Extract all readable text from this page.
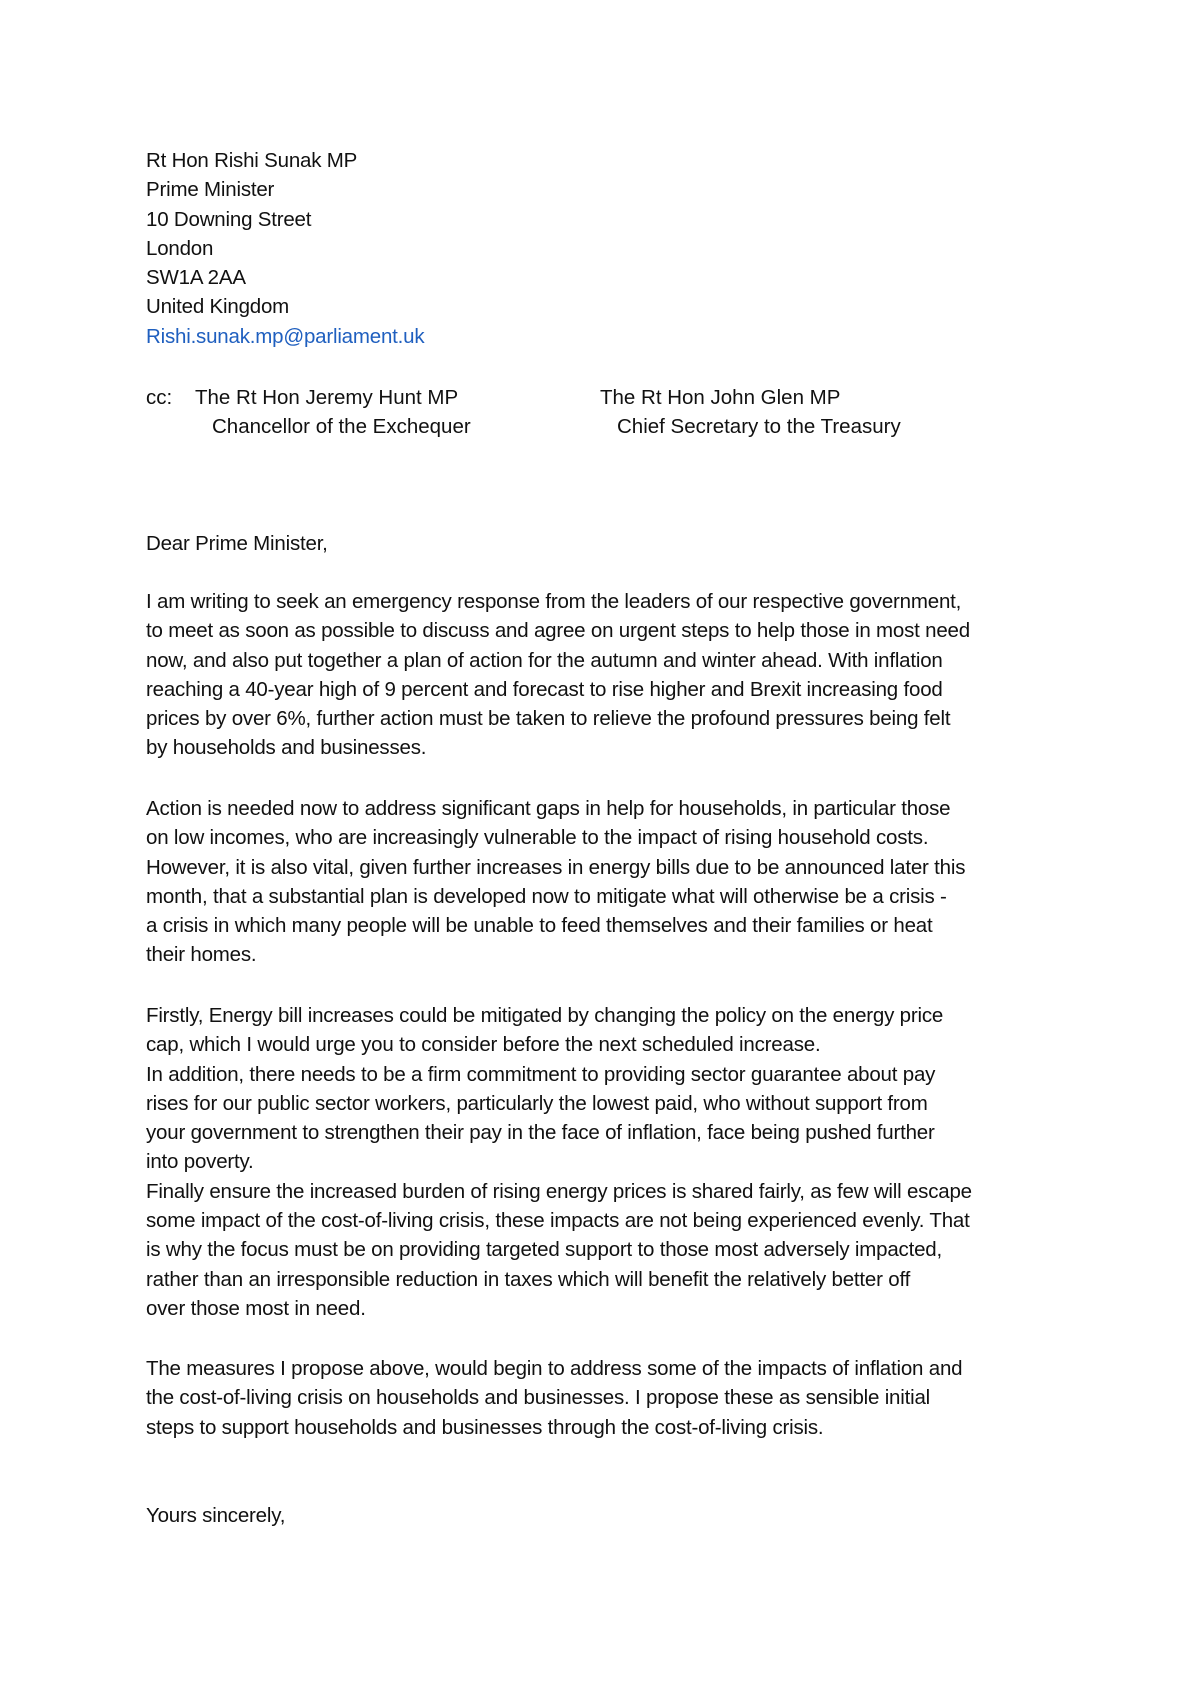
Rt Hon Rishi Sunak MP
Prime Minister
10 Downing Street
London
SW1A 2AA
United Kingdom
Rishi.sunak.mp@parliament.uk
cc: The Rt Hon Jeremy Hunt MP
Chancellor of the Exchequer
The Rt Hon John Glen MP
Chief Secretary to the Treasury
Dear Prime Minister,
I am writing to seek an emergency response from the leaders of our respective government,
to meet as soon as possible to discuss and agree on urgent steps to help those in most need
now, and also put together a plan of action for the autumn and winter ahead. With inflation
reaching a 40-year high of 9 percent and forecast to rise higher and Brexit increasing food
prices by over 6%, further action must be taken to relieve the profound pressures being felt
by households and businesses.
Action is needed now to address significant gaps in help for households, in particular those
on low incomes, who are increasingly vulnerable to the impact of rising household costs.
However, it is also vital, given further increases in energy bills due to be announced later this
month, that a substantial plan is developed now to mitigate what will otherwise be a crisis -
a crisis in which many people will be unable to feed themselves and their families or heat
their homes.
Firstly, Energy bill increases could be mitigated by changing the policy on the energy price
cap, which I would urge you to consider before the next scheduled increase.
In addition, there needs to be a firm commitment to providing sector guarantee about pay
rises for our public sector workers, particularly the lowest paid, who without support from
your government to strengthen their pay in the face of inflation, face being pushed further
into poverty.
Finally ensure the increased burden of rising energy prices is shared fairly, as few will escape
some impact of the cost-of-living crisis, these impacts are not being experienced evenly. That
is why the focus must be on providing targeted support to those most adversely impacted,
rather than an irresponsible reduction in taxes which will benefit the relatively better off
over those most in need.
The measures I propose above, would begin to address some of the impacts of inflation and
the cost-of-living crisis on households and businesses. I propose these as sensible initial
steps to support households and businesses through the cost-of-living crisis.
Yours sincerely,
